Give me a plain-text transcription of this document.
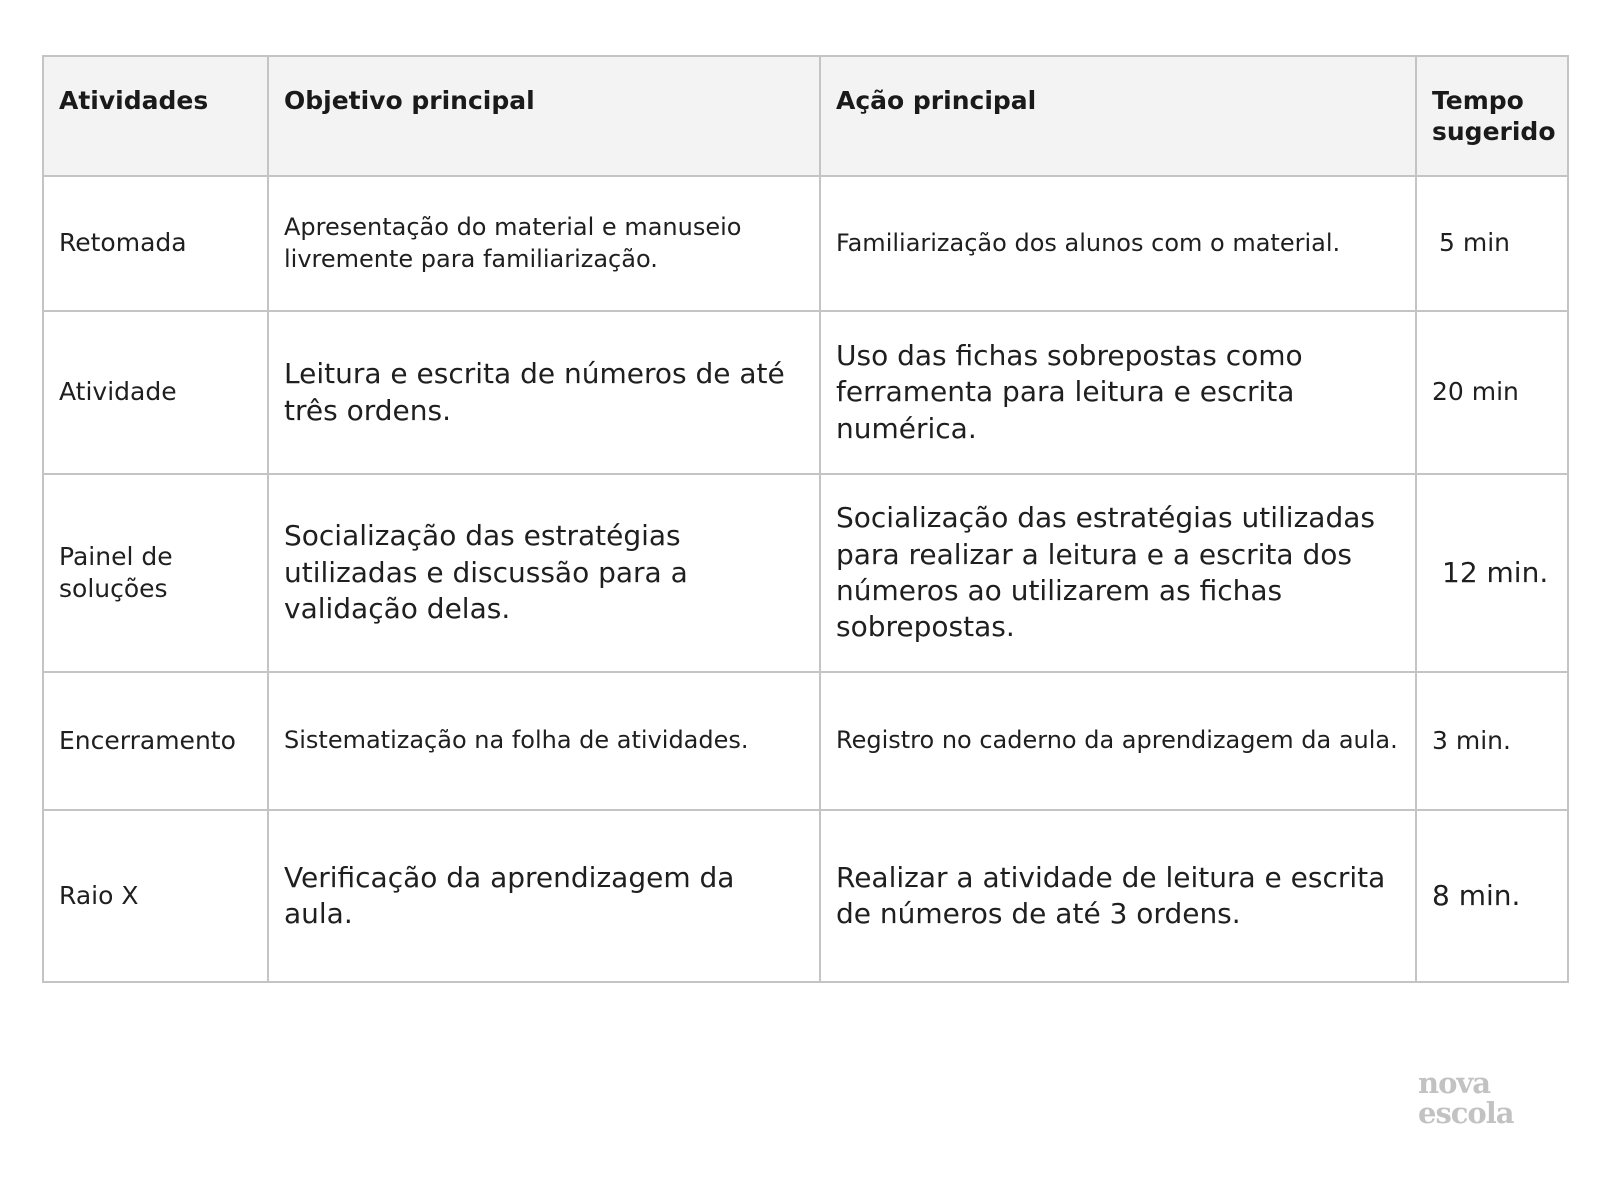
Atividades	Objetivo principal	Ação principal	Tempo sugerido
Retomada	Apresentação do material e manuseio livremente para familiarização.	Familiarização dos alunos com o material.	5 min
Atividade	Leitura e escrita de números de até três ordens.	Uso das fichas sobrepostas como ferramenta para leitura e escrita numérica.	20 min
Painel de soluções	Socialização das estratégias utilizadas e discussão para a validação delas.	Socialização das estratégias utilizadas para realizar a leitura e a escrita dos números ao utilizarem as fichas sobrepostas.	12 min.
Encerramento	Sistematização na folha de atividades.	Registro no caderno da aprendizagem da aula.	3 min.
Raio X	Verificação da aprendizagem da aula.	Realizar a atividade de leitura e escrita de números de até 3 ordens.	8 min.
nova
escola
